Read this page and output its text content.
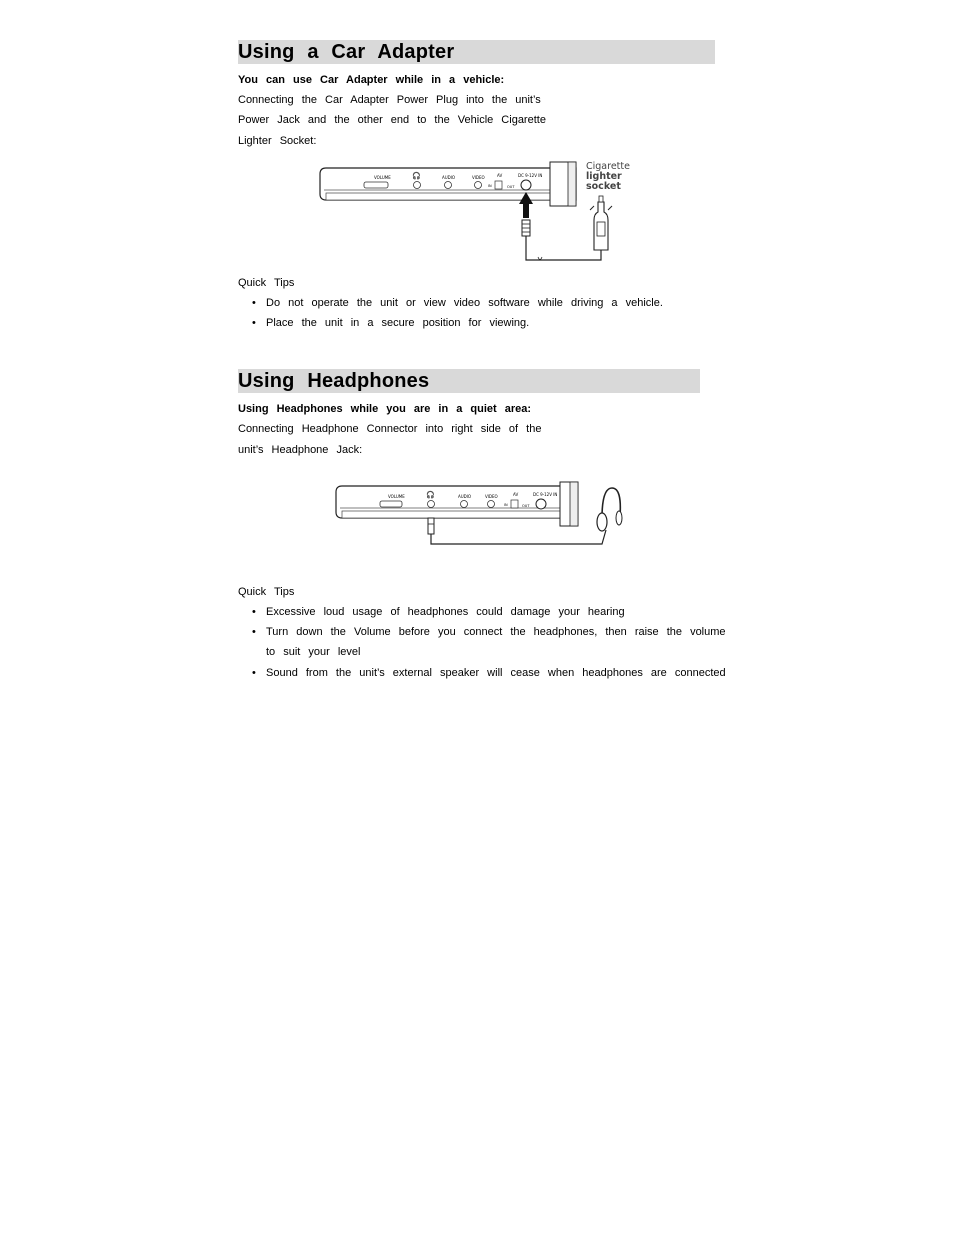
Using a Car Adapter
You can use Car Adapter while in a vehicle:
Connecting the Car Adapter Power Plug into the unit’s
Power Jack and the other end to the Vehicle Cigarette
Lighter Socket:
VOLUME	🎧	AUDIO	VIDEO	AV
IN	OUT
DC 9-12V IN
Cigarette
lighter
socket
Quick Tips
• Do not operate the unit or view video software while driving a vehicle.
• Place the unit in a secure position for viewing.
Using Headphones
Using Headphones while you are in a quiet area:
Connecting Headphone Connector into right side of the
unit’s Headphone Jack:
VOLUME	🎧	AUDIO	VIDEO	AV
IN	OUT
DC 9-12V IN
Quick Tips
• Excessive loud usage of headphones could damage your hearing
• Turn down the Volume before you connect the headphones, then raise the volume
to suit your level
• Sound from the unit’s external speaker will cease when headphones are connected
